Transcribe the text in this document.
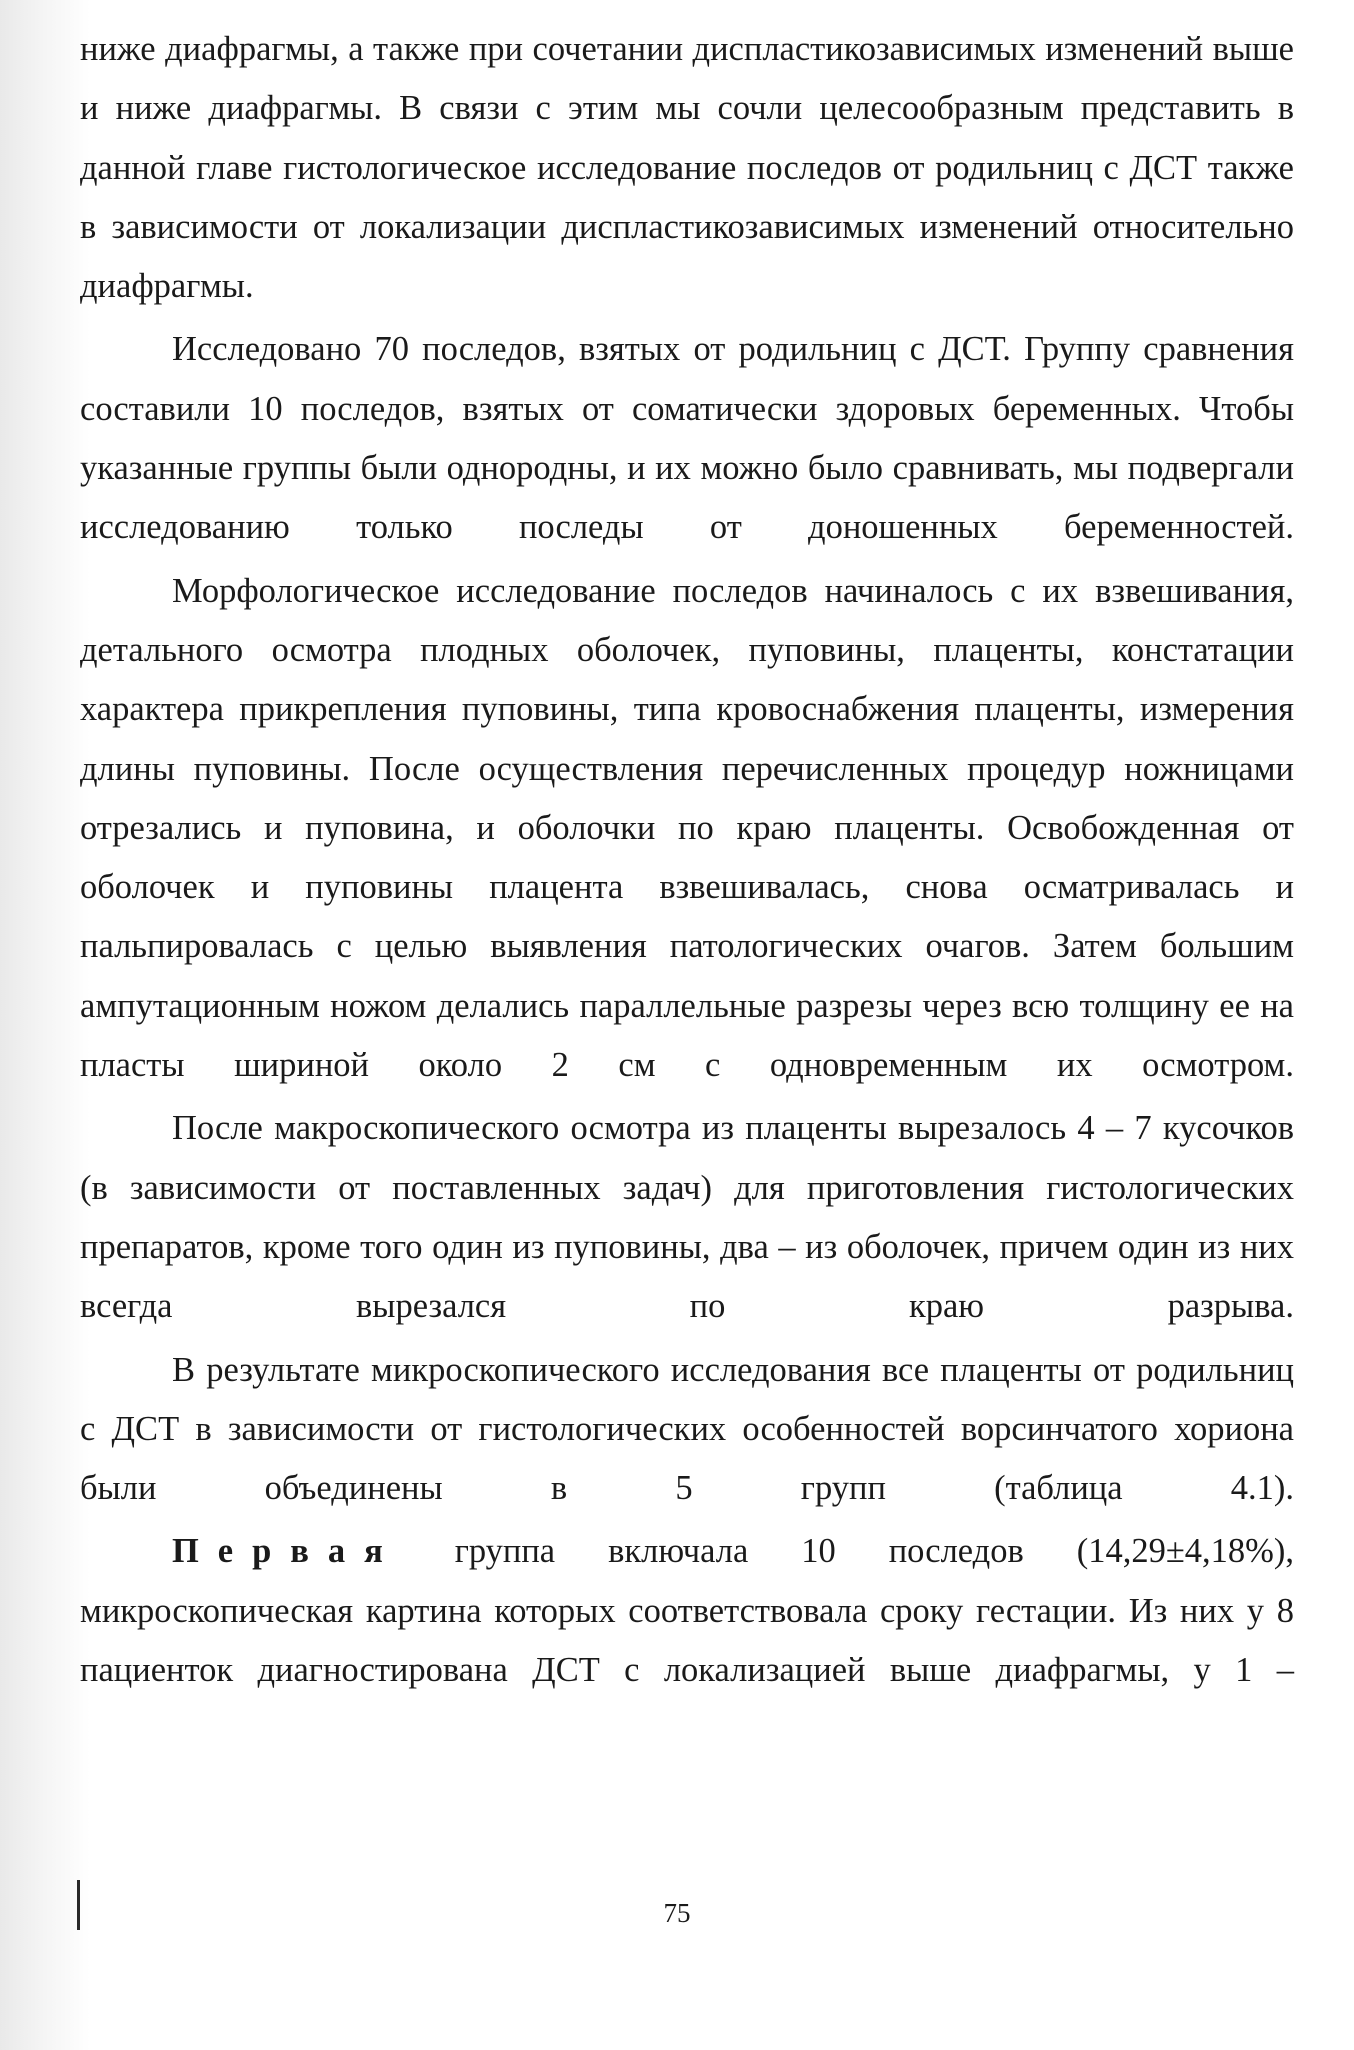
ниже диафрагмы, а также при сочетании диспластикозависимых изменений выше и ниже диафрагмы. В связи с этим мы сочли целесообразным представить в данной главе гистологическое исследование последов от родильниц с ДСТ также в зависимости от локализации диспластикозависимых изменений относительно диафрагмы.

Исследовано 70 последов, взятых от родильниц с ДСТ. Группу сравнения составили 10 последов, взятых от соматически здоровых беременных. Чтобы указанные группы были однородны, и их можно было сравнивать, мы подвергали исследованию только последы от доношенных беременностей.

Морфологическое исследование последов начиналось с их взвешивания, детального осмотра плодных оболочек, пуповины, плаценты, констатации характера прикрепления пуповины, типа кровоснабжения плаценты, измерения длины пуповины. После осуществления перечисленных процедур ножницами отрезались и пуповина, и оболочки по краю плаценты. Освобожденная от оболочек и пуповины плацента взвешивалась, снова осматривалась и пальпировалась с целью выявления патологических очагов. Затем большим ампутационным ножом делались параллельные разрезы через всю толщину ее на пласты шириной около 2 см с одновременным их осмотром.

После макроскопического осмотра из плаценты вырезалось 4 – 7 кусочков (в зависимости от поставленных задач) для приготовления гистологических препаратов, кроме того один из пуповины, два – из оболочек, причем один из них всегда вырезался по краю разрыва.

В результате микроскопического исследования все плаценты от родильниц с ДСТ в зависимости от гистологических особенностей ворсинчатого хориона были объединены в 5 групп (таблица 4.1).

Первая группа включала 10 последов (14,29±4,18%), микроскопическая картина которых соответствовала сроку гестации. Из них у 8 пациенток диагностирована ДСТ с локализацией выше диафрагмы, у 1 –

75
